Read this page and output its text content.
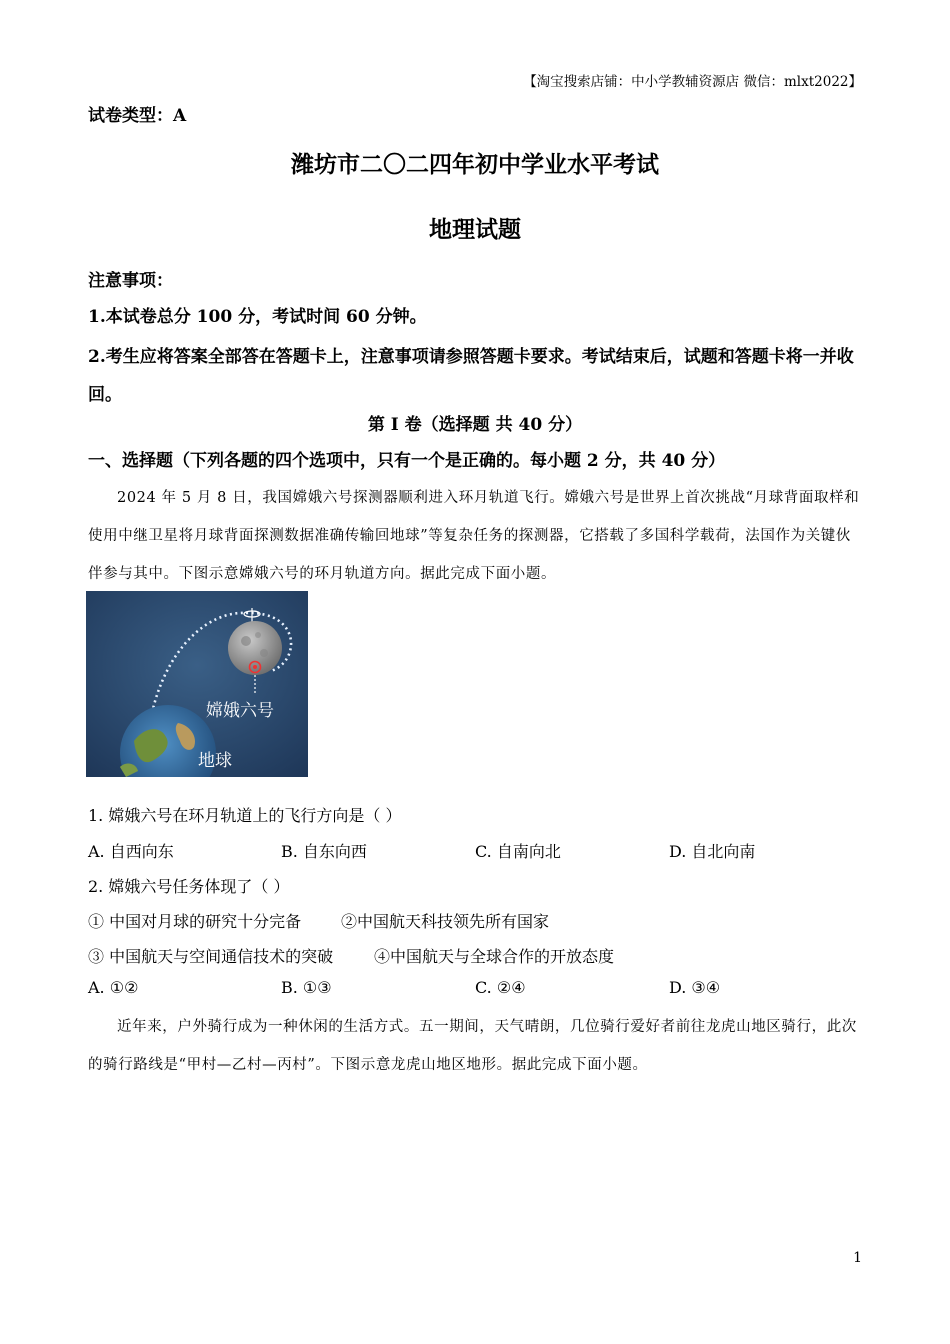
【淘宝搜索店铺：中小学教辅资源店 微信：mlxt2022】
试卷类型：A
潍坊市二〇二四年初中学业水平考试
地理试题
注意事项：
1.本试卷总分 100 分，考试时间 60 分钟。
2.考生应将答案全部答在答题卡上，注意事项请参照答题卡要求。考试结束后，试题和答题卡将一并收回。
第 I 卷（选择题 共 40 分）
一、选择题（下列各题的四个选项中，只有一个是正确的。每小题 2 分，共 40 分）
2024 年 5 月 8 日，我国嫦娥六号探测器顺利进入环月轨道飞行。嫦娥六号是世界上首次挑战“月球背面取样和使用中继卫星将月球背面探测数据准确传输回地球”等复杂任务的探测器，它搭载了多国科学载荷，法国作为关键伙伴参与其中。下图示意嫦娥六号的环月轨道方向。据此完成下面小题。
嫦娥六号
地球
1. 嫦娥六号在环月轨道上的飞行方向是（ ）
A. 自西向东	B. 自东向西	C. 自南向北	D. 自北向南
2. 嫦娥六号任务体现了（ ）
① 中国对月球的研究十分完备 ②中国航天科技领先所有国家
③ 中国航天与空间通信技术的突破	④中国航天与全球合作的开放态度
A. ①②	B. ①③	C. ②④	D. ③④
近年来，户外骑行成为一种休闲的生活方式。五一期间，天气晴朗，几位骑行爱好者前往龙虎山地区骑行，此次的骑行路线是“甲村—乙村—丙村”。下图示意龙虎山地区地形。据此完成下面小题。
1
